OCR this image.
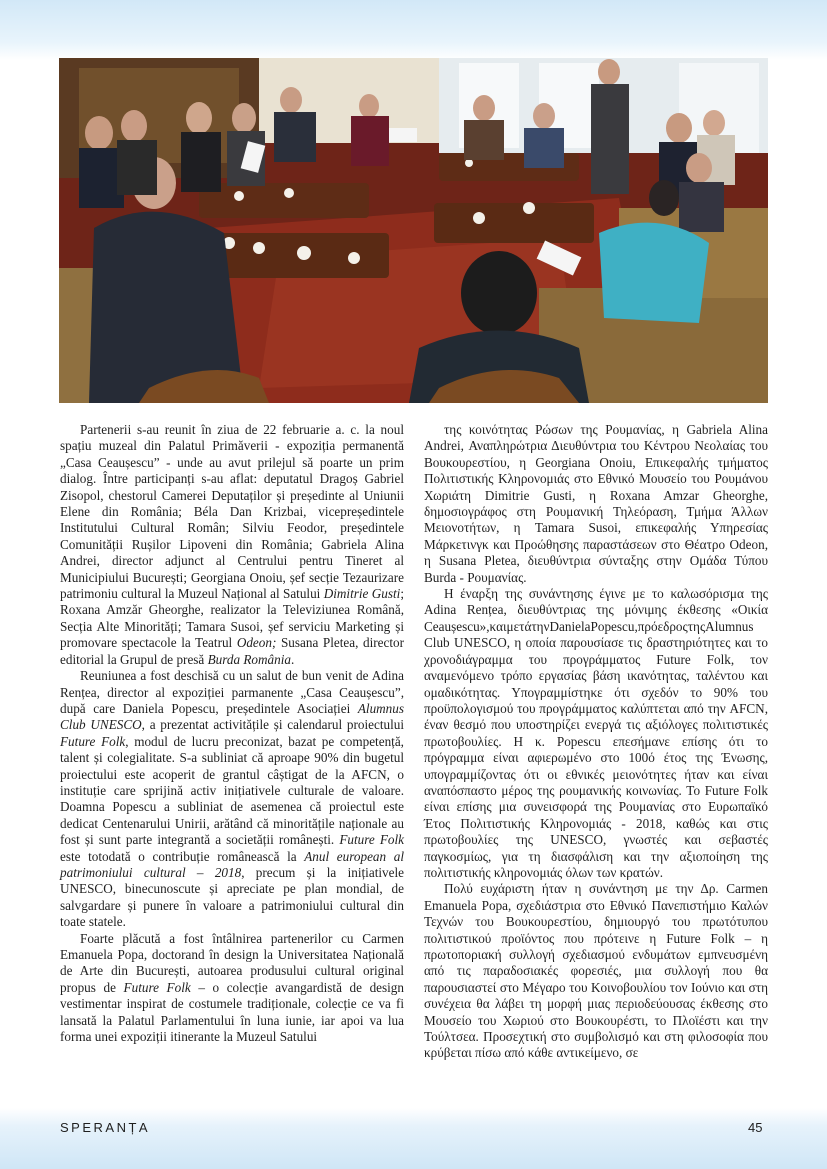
Partenerii s-au reunit în ziua de 22 februarie a. c. la noul spațiu muzeal din Palatul Primăverii - expoziția permanentă „Casa Ceaușescu” - unde au avut prilejul să poarte un prim dialog. Între participanți s-au aflat: deputatul Dragoș Gabriel Zisopol, chestorul Camerei Deputaților și președinte al Uniunii Elene din România; Béla Dan Krizbai, vicepreședintele Institutului Cultural Român; Silviu Feodor, președintele Comunității Rușilor Lipoveni din România; Gabriela Alina Andrei, director adjunct al Centrului pentru Tineret al Municipiului București; Georgiana Onoiu, șef secție Tezaurizare patrimoniu cultural la Muzeul Național al Satului Dimitrie Gusti; Roxana Amzăr Gheorghe, realizator la Televiziunea Română, Secția Alte Minorități; Tamara Susoi, șef serviciu Marketing și promovare spectacole la Teatrul Odeon; Susana Pletea, director editorial la Grupul de presă Burda România.

Reuniunea a fost deschisă cu un salut de bun venit de Adina Rențea, director al expoziției parmanente „Casa Ceaușescu”, după care Daniela Popescu, președintele Asociației Alumnus Club UNESCO, a prezentat activitățile și calendarul proiectului Future Folk, modul de lucru preconizat, bazat pe competență, talent și colegialitate. S-a subliniat că aproape 90% din bugetul proiectului este acoperit de grantul câștigat de la AFCN, o instituție care sprijină activ inițiativele culturale de valoare. Doamna Popescu a subliniat de asemenea că proiectul este dedicat Centenarului Unirii, arătând că minoritățile naționale au fost și sunt parte integrantă a societății românești. Future Folk este totodată o contribuție românească la Anul european al patrimoniului cultural – 2018, precum și la inițiativele UNESCO, binecunoscute și apreciate pe plan mondial, de salvgardare și punere în valoare a patrimoniului cultural din toate statele.

Foarte plăcută a fost întâlnirea partenerilor cu Carmen Emanuela Popa, doctorand în design la Universitatea Națională de Arte din București, autoarea produsului cultural original propus de Future Folk – o colecție avangardistă de design vestimentar inspirat de costumele tradiționale, colecție ce va fi lansată la Palatul Parlamentului în luna iunie, iar apoi va lua forma unei expoziții itinerante la Muzeul Satului

της κοινότητας Ρώσων της Ρουμανίας, η Gabriela Alina Andrei, Αναπληρώτρια Διευθύντρια του Κέντρου Νεολαίας του Βουκουρεστίου, η Georgiana Onoiu, Επικεφαλής τμήματος Πολιτιστικής Κληρονομιάς στο Εθνικό Μουσείο του Ρουμάνου Χωριάτη Dimitrie Gusti, η Roxana Amzar Gheorghe, δημοσιογράφος στη Ρουμανική Τηλεόραση, Τμήμα Άλλων Μειονοτήτων, η Tamara Susoi, επικεφαλής Υπηρεσίας Μάρκετινγκ και Προώθησης παραστάσεων στο Θέατρο Odeon, η Susana Pletea, διευθύντρια σύνταξης στην Ομάδα Τύπου Burda - Ρουμανίας.

Η έναρξη της συνάντησης έγινε με το καλωσόρισμα της Adina Rențea, διευθύντριας της μόνιμης έκθεσης «Οικία Ceaușescu»,καιμετάτηνDanielaPopescu,πρόεδροςτηςAlumnus Club UNESCO, η οποία παρουσίασε τις δραστηριότητες και το χρονοδιάγραμμα του προγράμματος Future Folk, τον αναμενόμενο τρόπο εργασίας βάση ικανότητας, ταλέντου και ομαδικότητας. Υπογραμμίστηκε ότι σχεδόν το 90% του προϋπολογισμού του προγράμματος καλύπτεται από την AFCN, έναν θεσμό που υποστηρίζει ενεργά τις αξιόλογες πολιτιστικές πρωτοβουλίες. Η κ. Popescu επεσήμανε επίσης ότι το πρόγραμμα είναι αφιερωμένο στο 100ό έτος της Ένωσης, υπογραμμίζοντας ότι οι εθνικές μειονότητες ήταν και είναι αναπόσπαστο μέρος της ρουμανικής κοινωνίας. Το Future Folk είναι επίσης μια συνεισφορά της Ρουμανίας στο Ευρωπαϊκό Έτος Πολιτιστικής Κληρονομιάς - 2018, καθώς και στις πρωτοβουλίες της UNESCO, γνωστές και σεβαστές παγκοσμίως, για τη διασφάλιση και την αξιοποίηση της πολιτιστικής κληρονομιάς όλων των κρατών.

Πολύ ευχάριστη ήταν η συνάντηση με την Δρ. Carmen Emanuela Popa, σχεδιάστρια στο Εθνικό Πανεπιστήμιο Καλών Τεχνών του Βουκουρεστίου, δημιουργό του πρωτότυπου πολιτιστικού προϊόντος που πρότεινε η Future Folk – η πρωτοποριακή συλλογή σχεδιασμού ενδυμάτων εμπνευσμένη από τις παραδοσιακές φορεσιές, μια συλλογή που θα παρουσιαστεί στο Μέγαρο του Κοινοβουλίου τον Ιούνιο και στη συνέχεια θα λάβει τη μορφή μιας περιοδεύουσας έκθεσης στο Μουσείο του Χωριού στο Βουκουρέστι, το Πλοϊέστι και την Τούλτσεα. Προσεχτική στο συμβολισμό και στη φιλοσοφία που κρύβεται πίσω από κάθε αντικείμενο, σε

SPERANȚA	45
